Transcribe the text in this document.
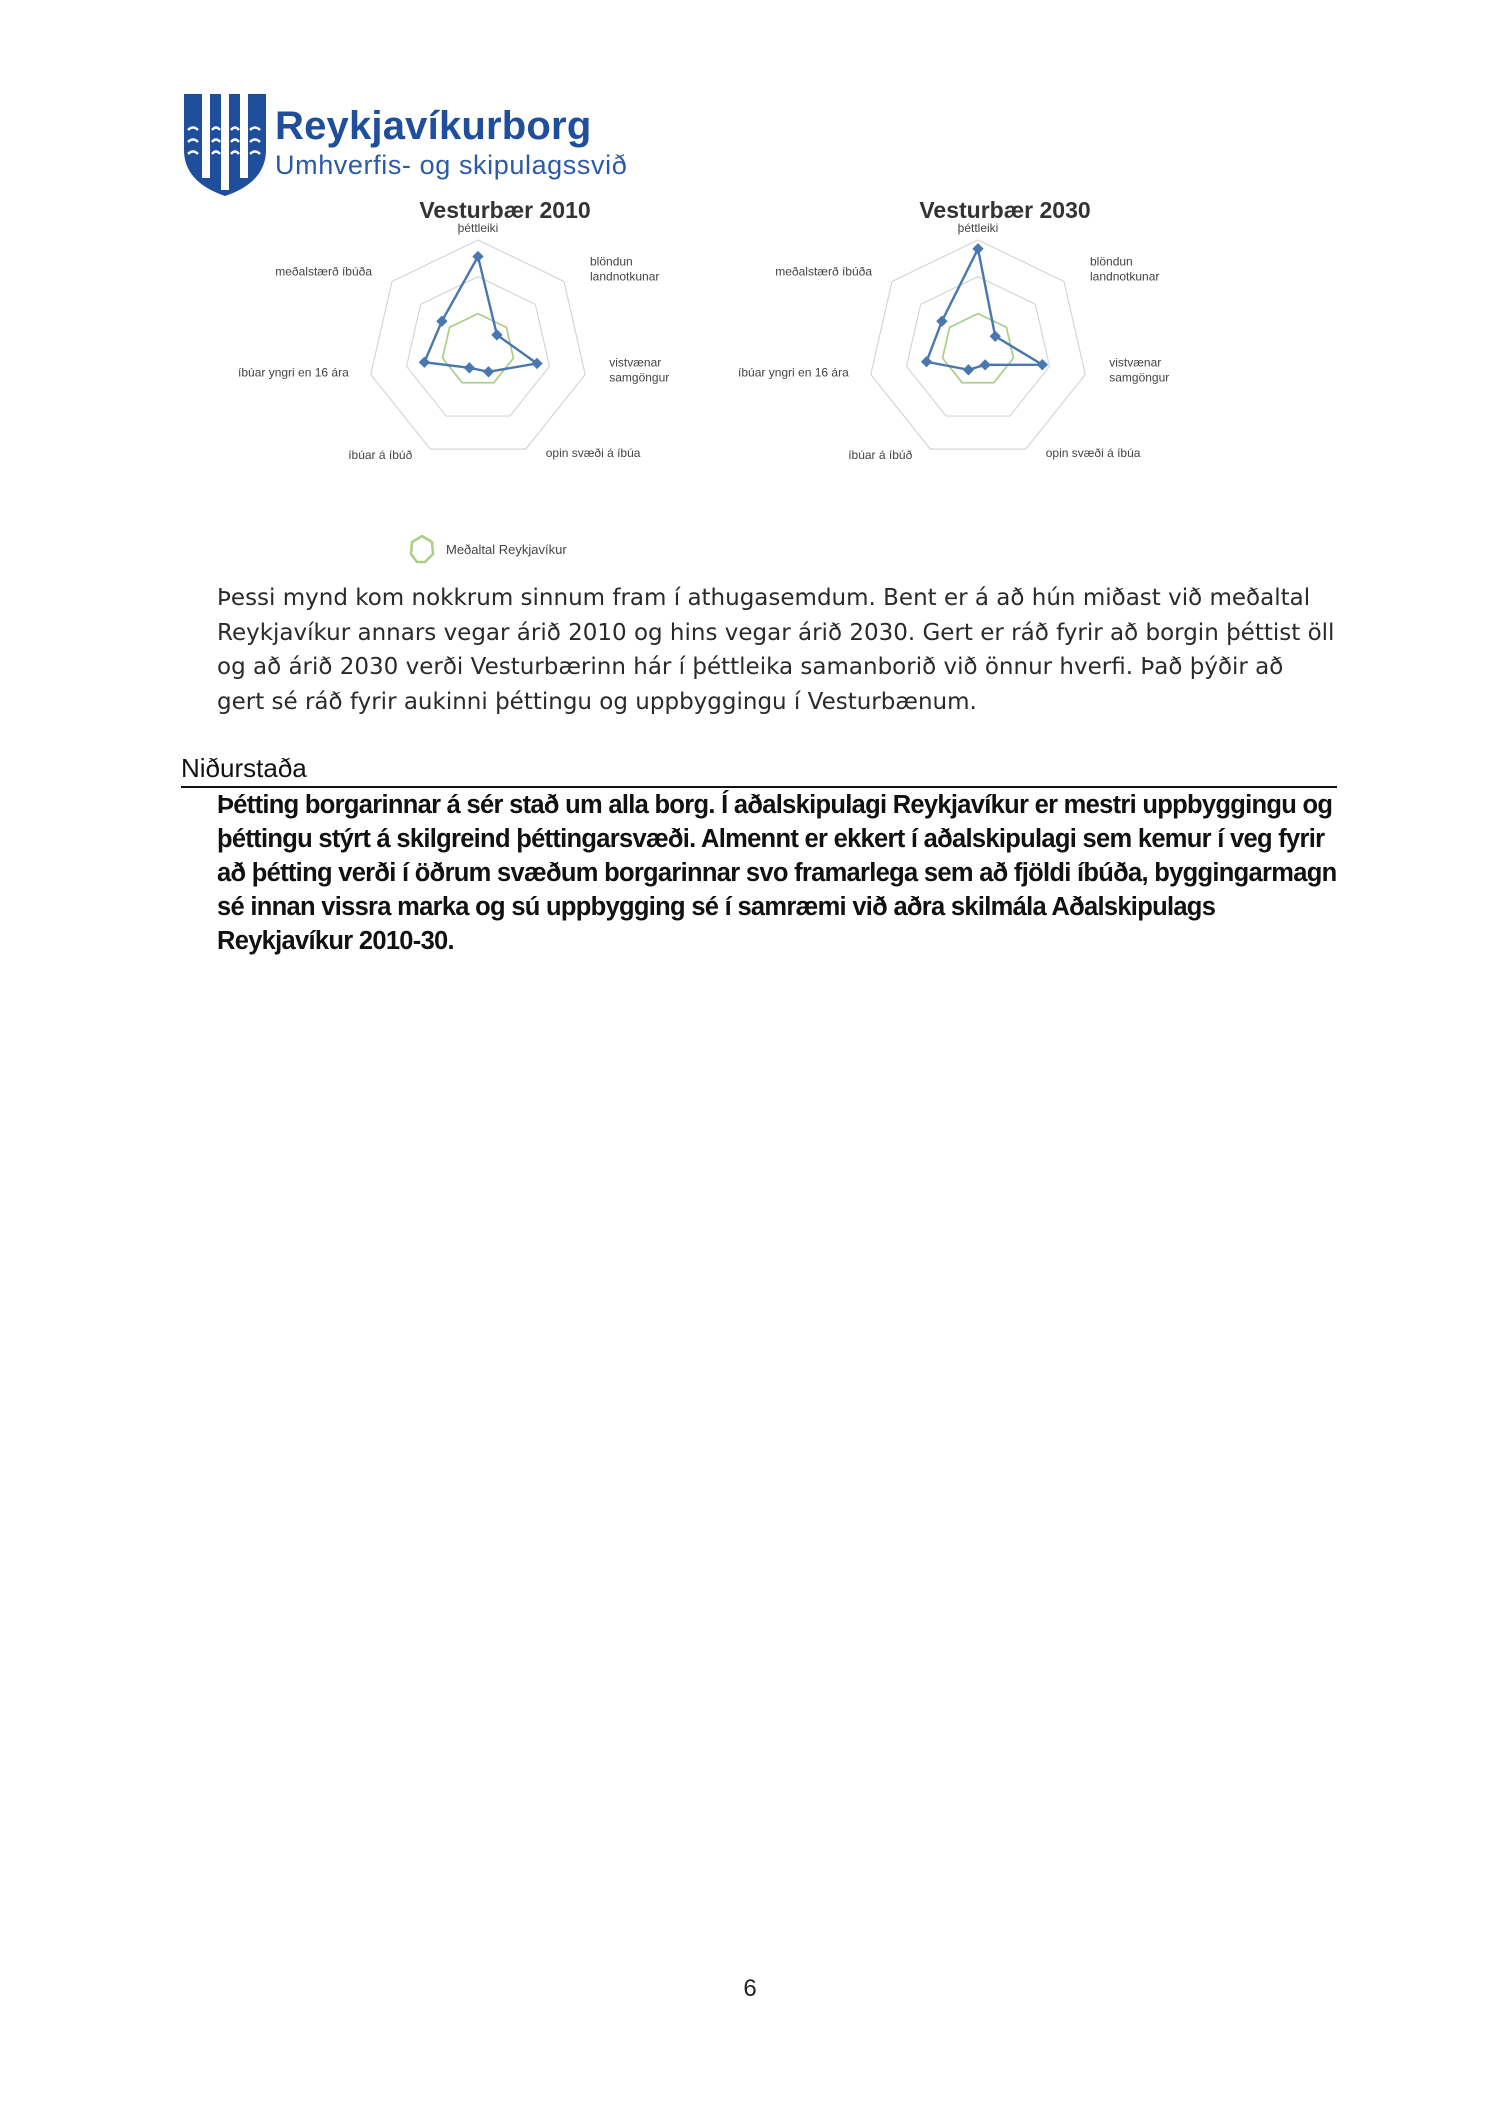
Reykjavíkurborg
Umhverfis- og skipulagssvið
Vesturbær 2010
þéttleiki
blöndun landnotkunar
vistvænar samgöngur
opin svæði á íbúa
íbúar á íbúð
íbúar yngri en 16 ára
meðalstærð íbúða
Vesturbær 2030
þéttleiki
blöndun landnotkunar
vistvænar samgöngur
opin svæði á íbúa
íbúar á íbúð
íbúar yngri en 16 ára
meðalstærð íbúða
Meðaltal Reykjavíkur

Þessi mynd kom nokkrum sinnum fram í athugasemdum. Bent er á að hún miðast við meðaltal Reykjavíkur annars vegar árið 2010 og hins vegar árið 2030. Gert er ráð fyrir að borgin þéttist öll og að árið 2030 verði Vesturbærinn hár í þéttleika samanborið við önnur hverfi. Það þýðir að gert sé ráð fyrir aukinni þéttingu og uppbyggingu í Vesturbænum.

Niðurstaða

Þétting borgarinnar á sér stað um alla borg. Í aðalskipulagi Reykjavíkur er mestri uppbyggingu og þéttingu stýrt á skilgreind þéttingarsvæði. Almennt er ekkert í aðalskipulagi sem kemur í veg fyrir að þétting verði í öðrum svæðum borgarinnar svo framarlega sem að fjöldi íbúða, byggingarmagn sé innan vissra marka og sú uppbygging sé í samræmi við aðra skilmála Aðalskipulags Reykjavíkur 2010-30.

6
